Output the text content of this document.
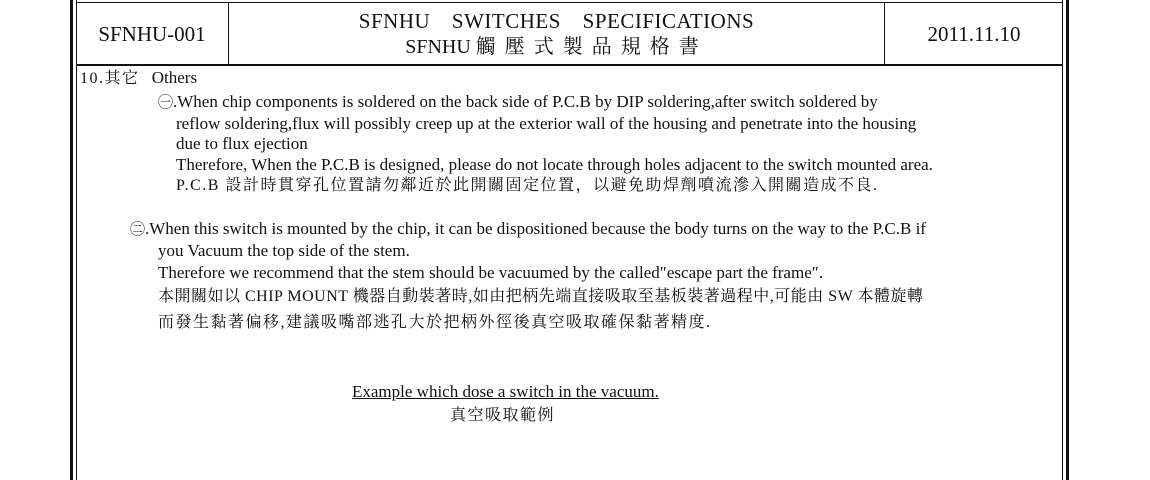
SFNHU-001
SFNHU SWITCHES SPECIFICATIONS
SFNHU 觸壓式製品規格書
2011.11.10
10.其它 Others
㊀.When chip components is soldered on the back side of P.C.B by DIP soldering,after switch soldered by
reflow soldering,flux will possibly creep up at the exterior wall of the housing and penetrate into the housing
due to flux ejection
Therefore, When the P.C.B is designed, please do not locate through holes adjacent to the switch mounted area.
P.C.B 設計時貫穿孔位置請勿鄰近於此開關固定位置，以避免助焊劑噴流滲入開關造成不良.
㊁.When this switch is mounted by the chip, it can be dispositioned because the body turns on the way to the P.C.B if
you Vacuum the top side of the stem.
Therefore we recommend that the stem should be vacuumed by the called″escape part the frame″.
本開關如以 CHIP MOUNT 機器自動裝著時,如由把柄先端直接吸取至基板裝著過程中,可能由 SW 本體旋轉
而發生黏著偏移,建議吸嘴部逃孔大於把柄外徑後真空吸取確保黏著精度.
Example which dose a switch in the vacuum.
真空吸取範例
